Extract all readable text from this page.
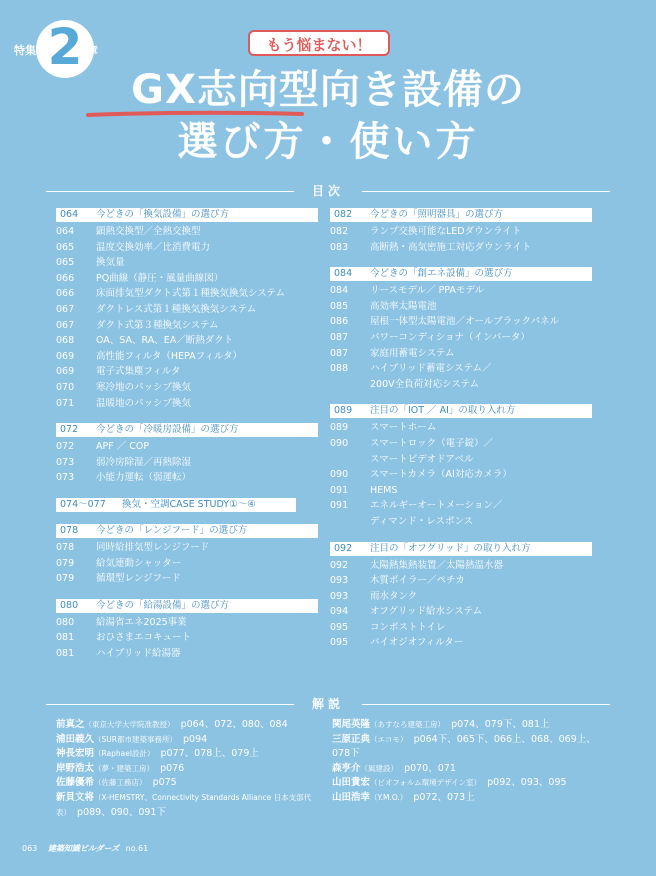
特集 2 章	もう悩まない！
GX志向型向き設備の
選び方・使い方
目次
064 今どきの「換気設備」の選び方
064	顕熱交換型／全熱交換型
065	温度交換効率／比消費電力
065	換気量
066	PQ曲線（静圧・風量曲線図）
066	床面排気型ダクト式第１種換気換気システム
067	ダクトレス式第１種換気換気システム
067	ダクト式第３種換気システム
068	OA、SA、RA、EA／断熱ダクト
069	高性能フィルタ（HEPAフィルタ）
069	電子式集塵フィルタ
070	寒冷地のパッシブ換気
071	温暖地のパッシブ換気
072 今どきの「冷暖房設備」の選び方
072	APF ／ COP
073	弱冷房除湿／再熱除湿
073	小能力運転（弱運転）
074～077 換気・空調CASE STUDY①～④
078 今どきの「レンジフード」の選び方
078	同時給排気型レンジフード
079	給気連動シャッター
079	循環型レンジフード
080 今どきの「給湯設備」の選び方
080	給湯省エネ2025事業
081	おひさまエコキュート
081	ハイブリッド給湯器
082 今どきの「照明器具」の選び方
082	ランプ交換可能なLEDダウンライト
083	高断熱・高気密施工対応ダウンライト
084 今どきの「創エネ設備」の選び方
084	リースモデル／ PPAモデル
085	高効率太陽電池
086	屋根一体型太陽電池／オールブラックパネル
087	パワーコンディショナ（インバータ）
087	家庭用蓄電システム
088	ハイブリッド蓄電システム／
200V全負荷対応システム
089 注目の「IOT ／ AI」の取り入れ方
089	スマートホーム
090	スマートロック（電子錠）／
スマートビデオドアベル
090	スマートカメラ（AI対応カメラ）
091	HEMS
091	エネルギーオートメーション／
ディマンド・レスポンス
092 注目の「オフグリッド」の取り入れ方
092	太陽熱集熱装置／太陽熱温水器
093	木質ボイラー／ペチカ
093	雨水タンク
094	オフグリッド給水システム
095	コンポストトイレ
095	バイオジオフィルター
解説
前真之（東京大学大学院准教授） p064、072、080、084
浦田義久（SUR都市建築事務所） p094
神長宏明（Raphael設計） p077、078上、079上
岸野浩太（夢・建築工房） p076
佐藤優希（佐藤工務店） p075
新貝文将（X-HEMSTRY、Connectivity Standards Alliance 日本支部代表） p089、090、091下
関尾英隆（あすなろ建築工房） p074、079下、081上
三原正典（エコモ） p064下、065下、066上、068、069上、078下
森亨介（風建設） p070、071
山田貴宏（ビオフォルム環境デザイン室） p092、093、095
山田浩幸（Y.M.O.） p072、073上
063 建築知識ビルダーズ no.61
